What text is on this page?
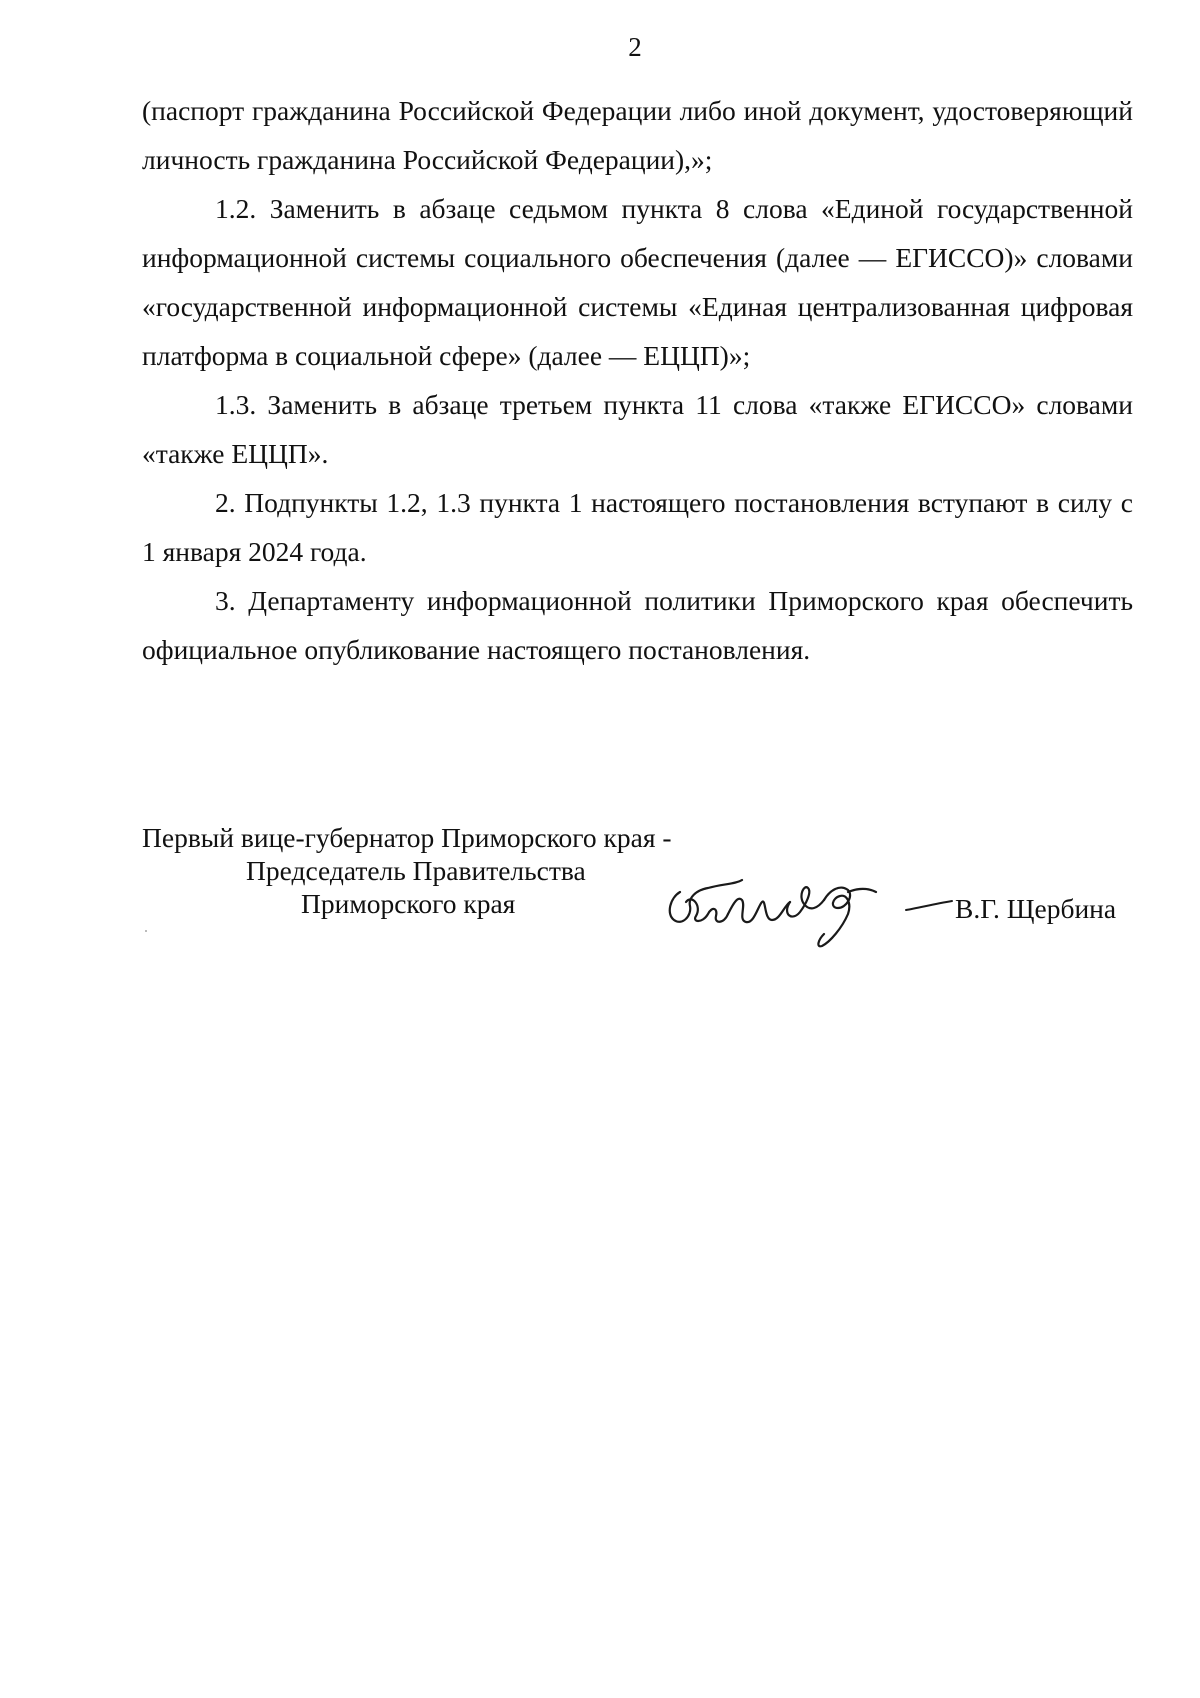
2

(паспорт гражданина Российской Федерации либо иной документ, удостоверяющий личность гражданина Российской Федерации),»;

1.2. Заменить в абзаце седьмом пункта 8 слова «Единой государственной информационной системы социального обеспечения (далее — ЕГИССО)» словами «государственной информационной системы «Единая централизованная цифровая платформа в социальной сфере» (далее — ЕЦЦП)»;

1.3. Заменить в абзаце третьем пункта 11 слова «также ЕГИССО» словами «также ЕЦЦП».

2. Подпункты 1.2, 1.3 пункта 1 настоящего постановления вступают в силу с 1 января 2024 года.

3. Департаменту информационной политики Приморского края обеспечить официальное опубликование настоящего постановления.

Первый вице-губернатор Приморского края -
Председатель Правительства
Приморского края	В.Г. Щербина
